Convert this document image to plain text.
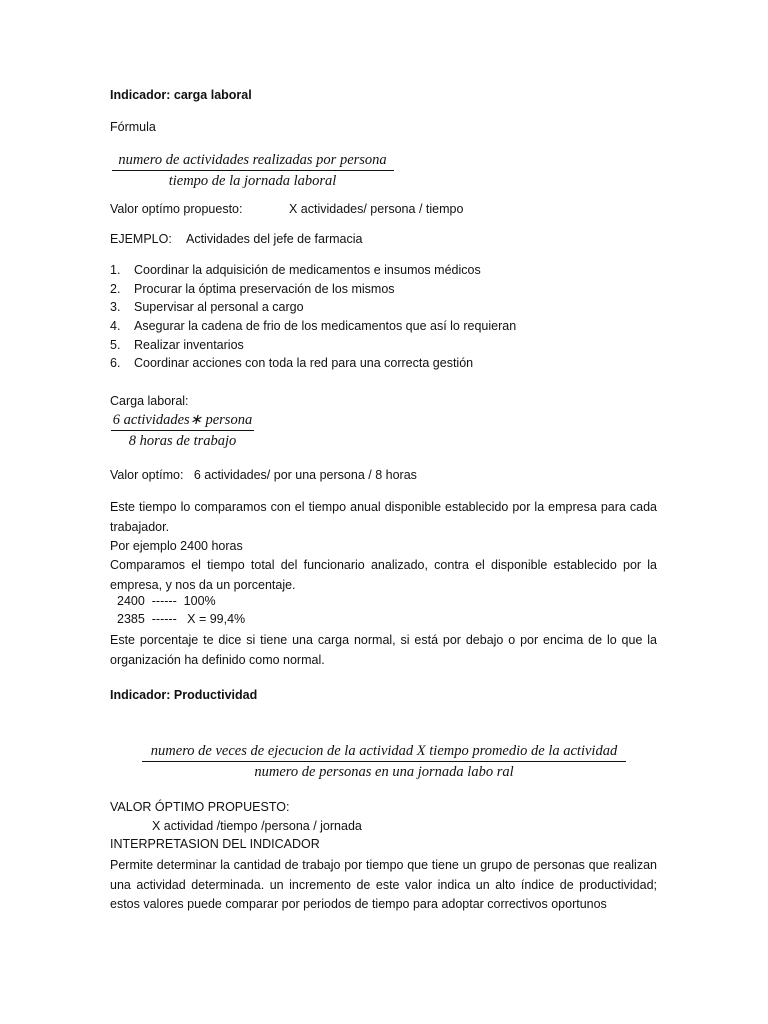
Indicador: carga laboral
Fórmula
numero de actividades realizadas por persona
tiempo de la jornada laboral
Valor optímo propuesto:	X actividades/ persona / tiempo
EJEMPLO: Actividades del jefe de farmacia
1. Coordinar la adquisición de medicamentos e insumos médicos
2. Procurar la óptima preservación de los mismos
3. Supervisar al personal a cargo
4. Asegurar la cadena de frio de los medicamentos que así lo requieran
5. Realizar inventarios
6. Coordinar acciones con toda la red para una correcta gestión
Carga laboral:
6 actividades∗ persona
8 horas de trabajo
Valor optímo:   6 actividades/ por una persona / 8 horas
Este tiempo lo comparamos con el tiempo anual disponible establecido por la empresa para cada trabajador.
Por ejemplo 2400 horas
Comparamos el tiempo total del funcionario analizado, contra el disponible establecido por la empresa, y nos da un porcentaje.
2400  ------  100%
2385  ------   X = 99,4%
Este porcentaje te dice si tiene una carga normal, si está por debajo o por encima de lo que la organización ha definido como normal.
Indicador: Productividad
numero de veces de ejecucion de la actividad X tiempo promedio de la actividad
numero de personas en una jornada labo ral
VALOR ÓPTIMO PROPUESTO:
X actividad /tiempo /persona / jornada
INTERPRETASION DEL INDICADOR
Permite determinar la cantidad de trabajo por tiempo que tiene un grupo de personas que realizan una actividad determinada. un incremento de este valor indica un alto índice de productividad; estos valores puede comparar por periodos de tiempo para adoptar correctivos oportunos
